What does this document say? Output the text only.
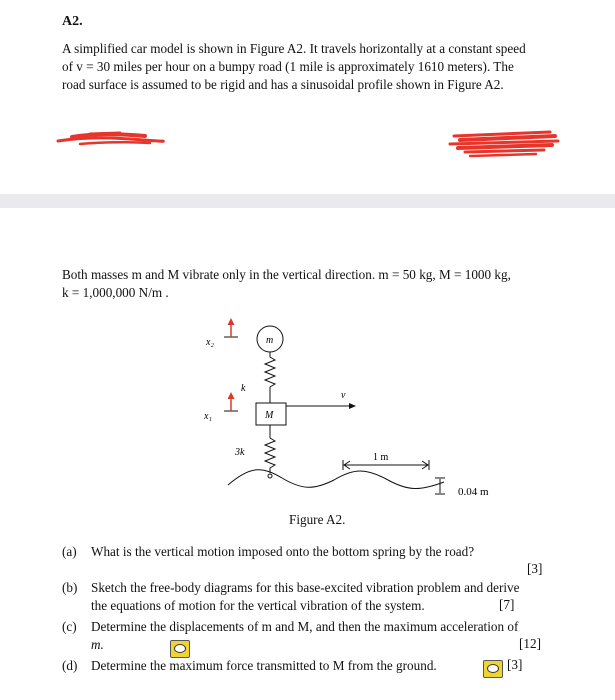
A2.
A simplified car model is shown in Figure A2. It travels horizontally at a constant speed
of v = 30 miles per hour on a bumpy road (1 mile is approximately 1610 meters). The
road surface is assumed to be rigid and has a sinusoidal profile shown in Figure A2.
Both masses m and M vibrate only in the vertical direction. m = 50 kg, M = 1000 kg,
k = 1,000,000 N/m .
x₂	m
k
x₁	M
v
3k	1 m
0.04 m
Figure A2.
(a) What is the vertical motion imposed onto the bottom spring by the road?
[3]
(b) Sketch the free-body diagrams for this base-excited vibration problem and derive
the equations of motion for the vertical vibration of the system.	[7]
(c) Determine the displacements of m and M, and then the maximum acceleration of
m.	[12]
(d) Determine the maximum force transmitted to M from the ground.	[3]
